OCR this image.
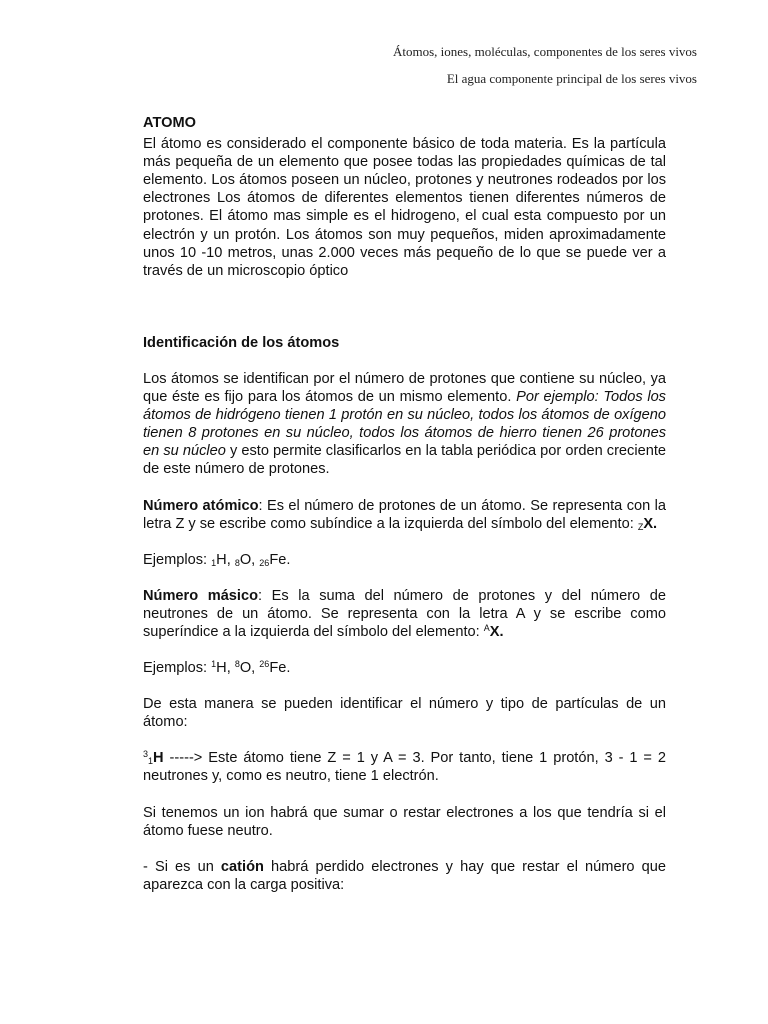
Átomos, iones, moléculas, componentes de los seres vivos
El agua componente principal de los seres vivos

ATOMO

El átomo es considerado el componente básico de toda materia. Es la partícula más pequeña de un elemento que posee todas las propiedades químicas de tal elemento. Los átomos poseen un núcleo, protones y neutrones rodeados por los electrones Los átomos de diferentes elementos tienen diferentes números de protones. El átomo mas simple es el hidrogeno, el cual esta compuesto por un electrón y un protón. Los átomos son muy pequeños, miden aproximadamente unos 10 -10 metros, unas 2.000 veces más pequeño de lo que se puede ver a través de un microscopio óptico

Identificación de los átomos

Los átomos se identifican por el número de protones que contiene su núcleo, ya que éste es fijo para los átomos de un mismo elemento. Por ejemplo: Todos los átomos de hidrógeno tienen 1 protón en su núcleo, todos los átomos de oxígeno tienen 8 protones en su núcleo, todos los átomos de hierro tienen 26 protones en su núcleo y esto permite clasificarlos en la tabla periódica por orden creciente de este número de protones.

Número atómico: Es el número de protones de un átomo. Se representa con la letra Z y se escribe como subíndice a la izquierda del símbolo del elemento: $_Z$X.

Ejemplos: $_1$H, $_8$O, $_{26}$Fe.

Número másico: Es la suma del número de protones y del número de neutrones de un átomo. Se representa con la letra A y se escribe como superíndice a la izquierda del símbolo del elemento: $^A$X.

Ejemplos: $^1$H, $^8$O, $^{26}$Fe.

De esta manera se pueden identificar el número y tipo de partículas de un átomo:

$^3_1$H -----> Este átomo tiene Z = 1 y A = 3. Por tanto, tiene 1 protón, 3 - 1 = 2 neutrones y, como es neutro, tiene 1 electrón.

Si tenemos un ion habrá que sumar o restar electrones a los que tendría si el átomo fuese neutro.

- Si es un catión habrá perdido electrones y hay que restar el número que aparezca con la carga positiva:
